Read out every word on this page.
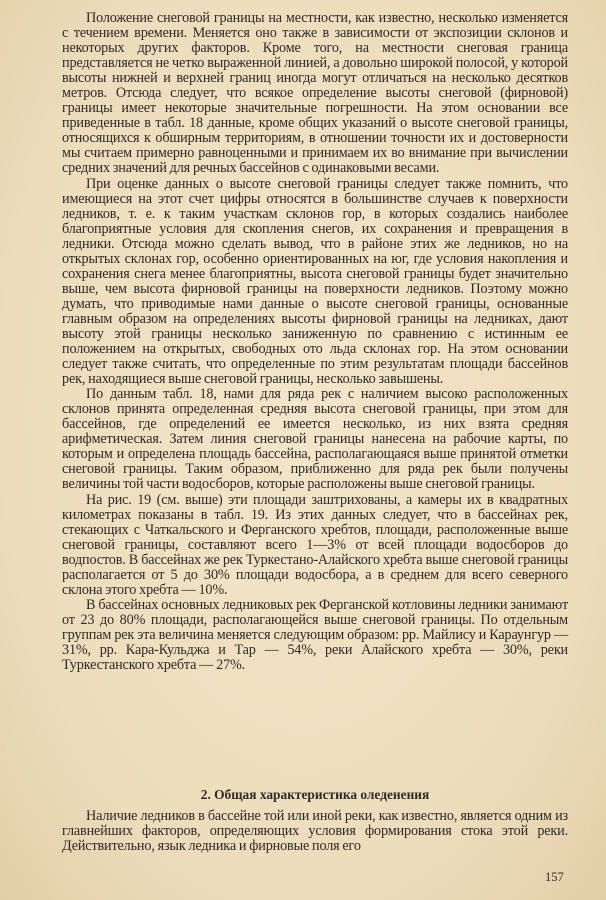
Положение снеговой границы на местности, как известно, несколько изменяется с течением времени. Меняется оно также в зависимости от экспозиции склонов и некоторых других факторов. Кроме того, на местности снеговая граница представляется не четко выраженной линией, а довольно широкой полосой, у которой высоты нижней и верхней границ иногда могут отличаться на несколько десятков метров. Отсюда следует, что всякое определение высоты снеговой (фирновой) границы имеет некоторые значительные погрешности. На этом основании все приведенные в табл. 18 данные, кроме общих указаний о высоте снеговой границы, относящихся к обширным территориям, в отношении точности их и достоверности мы считаем примерно равноценными и принимаем их во внимание при вычислении средних значений для речных бассейнов с одинаковыми весами.

При оценке данных о высоте снеговой границы следует также помнить, что имеющиеся на этот счет цифры относятся в большинстве случаев к поверхности ледников, т. е. к таким участкам склонов гор, в которых создались наиболее благоприятные условия для скопления снегов, их сохранения и превращения в ледники. Отсюда можно сделать вывод, что в районе этих же ледников, но на открытых склонах гор, особенно ориентированных на юг, где условия накопления и сохранения снега менее благоприятны, высота снеговой границы будет значительно выше, чем высота фирновой границы на поверхности ледников. Поэтому можно думать, что приводимые нами данные о высоте снеговой границы, основанные главным образом на определениях высоты фирновой границы на ледниках, дают высоту этой границы несколько заниженную по сравнению с истинным ее положением на открытых, свободных ото льда склонах гор. На этом основании следует также считать, что определенные по этим результатам площади бассейнов рек, находящиеся выше снеговой границы, несколько завышены.

По данным табл. 18, нами для ряда рек с наличием высоко расположенных склонов принята определенная средняя высота снеговой границы, при этом для бассейнов, где определений ее имеется несколько, из них взята средняя арифметическая. Затем линия снеговой границы нанесена на рабочие карты, по которым и определена площадь бассейна, располагающаяся выше принятой отметки снеговой границы. Таким образом, приближенно для ряда рек были получены величины той части водосборов, которые расположены выше снеговой границы.

На рис. 19 (см. выше) эти площади заштрихованы, а камеры их в квадратных километрах показаны в табл. 19. Из этих данных следует, что в бассейнах рек, стекающих с Чаткальского и Ферганского хребтов, площади, расположенные выше снеговой границы, составляют всего 1—3% от всей площади водосборов до водпостов. В бассейнах же рек Туркестано-Алайского хребта выше снеговой границы располагается от 5 до 30% площади водосбора, а в среднем для всего северного склона этого хребта — 10%.

В бассейнах основных ледниковых рек Ферганской котловины ледники занимают от 23 до 80% площади, располагающейся выше снеговой границы. По отдельным группам рек эта величина меняется следующим образом: рр. Майлису и Караунгур — 31%, рр. Кара-Кульджа и Тар — 54%, реки Алайского хребта — 30%, реки Туркестанского хребта — 27%.

2. Общая характеристика оледенения

Наличие ледников в бассейне той или иной реки, как известно, является одним из главнейших факторов, определяющих условия формирования стока этой реки. Действительно, язык ледника и фирновые поля его

157
